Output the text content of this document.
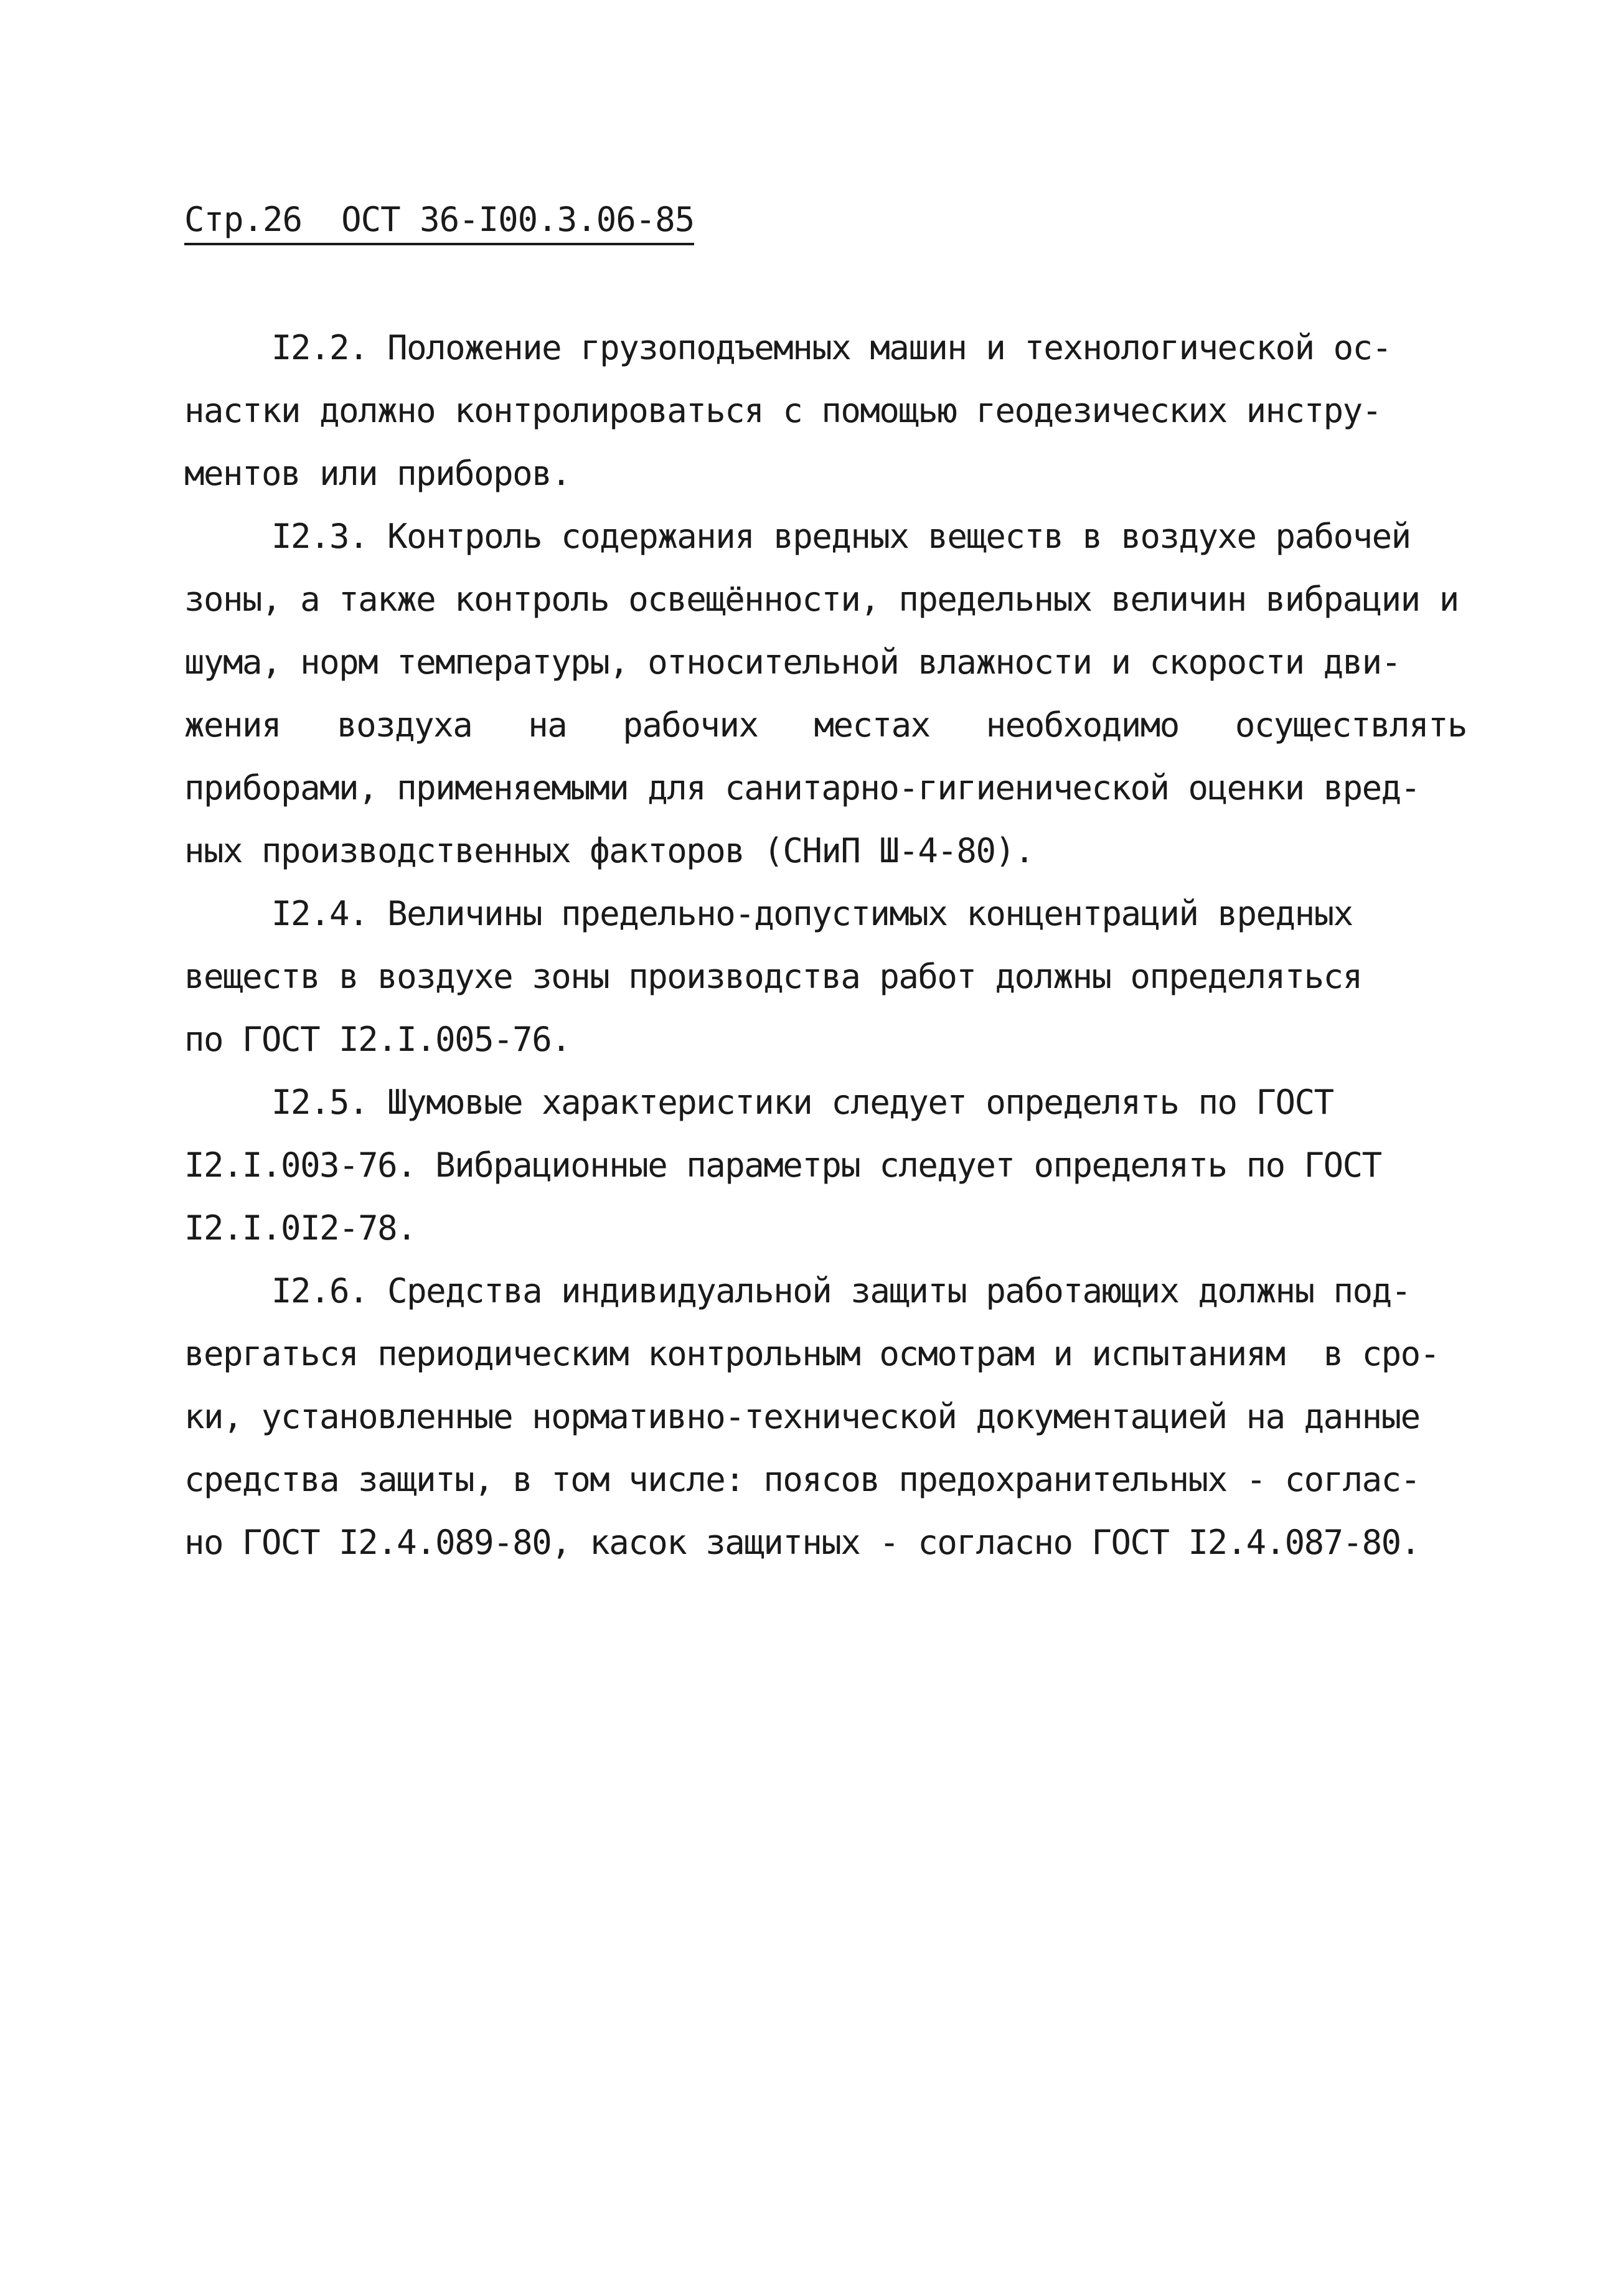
Стр.26  ОСТ 36-I00.3.06-85
I2.2. Положение грузоподъемных машин и технологической ос-
настки должно контролироваться с помощью геодезических инстру-
ментов или приборов.
I2.3. Контроль содержания вредных веществ в воздухе рабочей
зоны, а также контроль освещённости, предельных величин вибрации и
шума, норм температуры, относительной влажности и скорости дви-
жения воздуха на рабочих местах необходимо осуществлять
приборами, применяемыми для санитарно-гигиенической оценки вред-
ных производственных факторов (СНиП Ш-4-80).
I2.4. Величины предельно-допустимых концентраций вредных
веществ в воздухе зоны производства работ должны определяться
по ГОСТ I2.I.005-76.
I2.5. Шумовые характеристики следует определять по ГОСТ
I2.I.003-76. Вибрационные параметры следует определять по ГОСТ
I2.I.0I2-78.
I2.6. Средства индивидуальной защиты работающих должны под-
вергаться периодическим контрольным осмотрам и испытаниям  в сро-
ки, установленные нормативно-технической документацией на данные
средства защиты, в том числе: поясов предохранительных - соглас-
но ГОСТ I2.4.089-80, касок защитных - согласно ГОСТ I2.4.087-80.
